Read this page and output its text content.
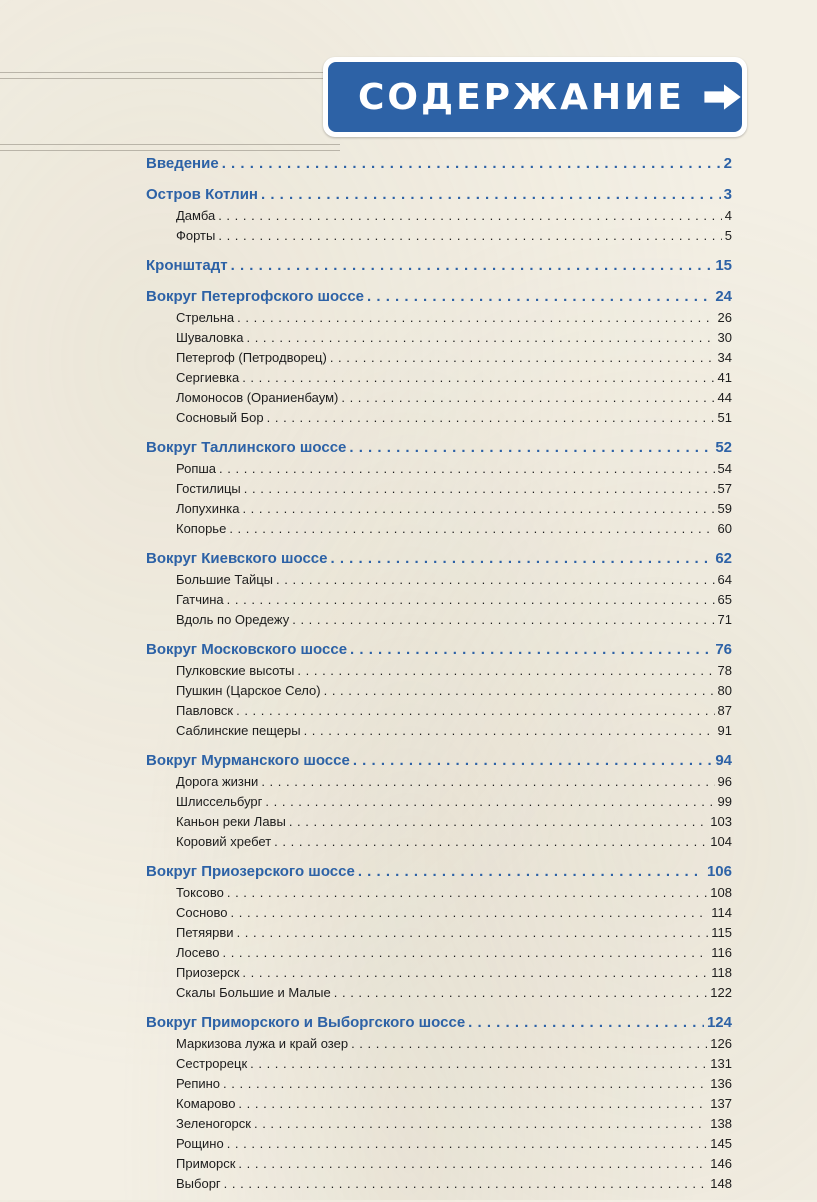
СОДЕРЖАНИЕ
Введение . . .	2
Остров Котлин . . .	3
Дамба . . .	4
Форты . . .	5
Кронштадт . . .	15
Вокруг Петергофского шоссе . . .	24
Стрельна . . .	26
Шуваловка . . .	30
Петергоф (Петродворец) . . .	34
Сергиевка . . .	41
Ломоносов (Ораниенбаум) . . .	44
Сосновый Бор . . .	51
Вокруг Таллинского шоссе . . .	52
Ропша . . .	54
Гостилицы . . .	57
Лопухинка . . .	59
Копорье . . .	60
Вокруг Киевского шоссе . . .	62
Большие Тайцы . . .	64
Гатчина . . .	65
Вдоль по Оредежу . . .	71
Вокруг Московского шоссе . . .	76
Пулковские высоты . . .	78
Пушкин (Царское Село) . . .	80
Павловск . . .	87
Саблинские пещеры . . .	91
Вокруг Мурманского шоссе . . .	94
Дорога жизни . . .	96
Шлиссельбург . . .	99
Каньон реки Лавы . . .	103
Коровий хребет . . .	104
Вокруг Приозерского шоссе . . .	106
Токсово . . .	108
Сосново . . .	114
Петяярви . . .	115
Лосево . . .	116
Приозерск . . .	118
Скалы Большие и Малые . . .	122
Вокруг Приморского и Выборгского шоссе . . .	124
Маркизова лужа и край озер . . .	126
Сестрорецк . . .	131
Репино . . .	136
Комарово . . .	137
Зеленогорск . . .	138
Рощино . . .	145
Приморск . . .	146
Выборг . . .	148
